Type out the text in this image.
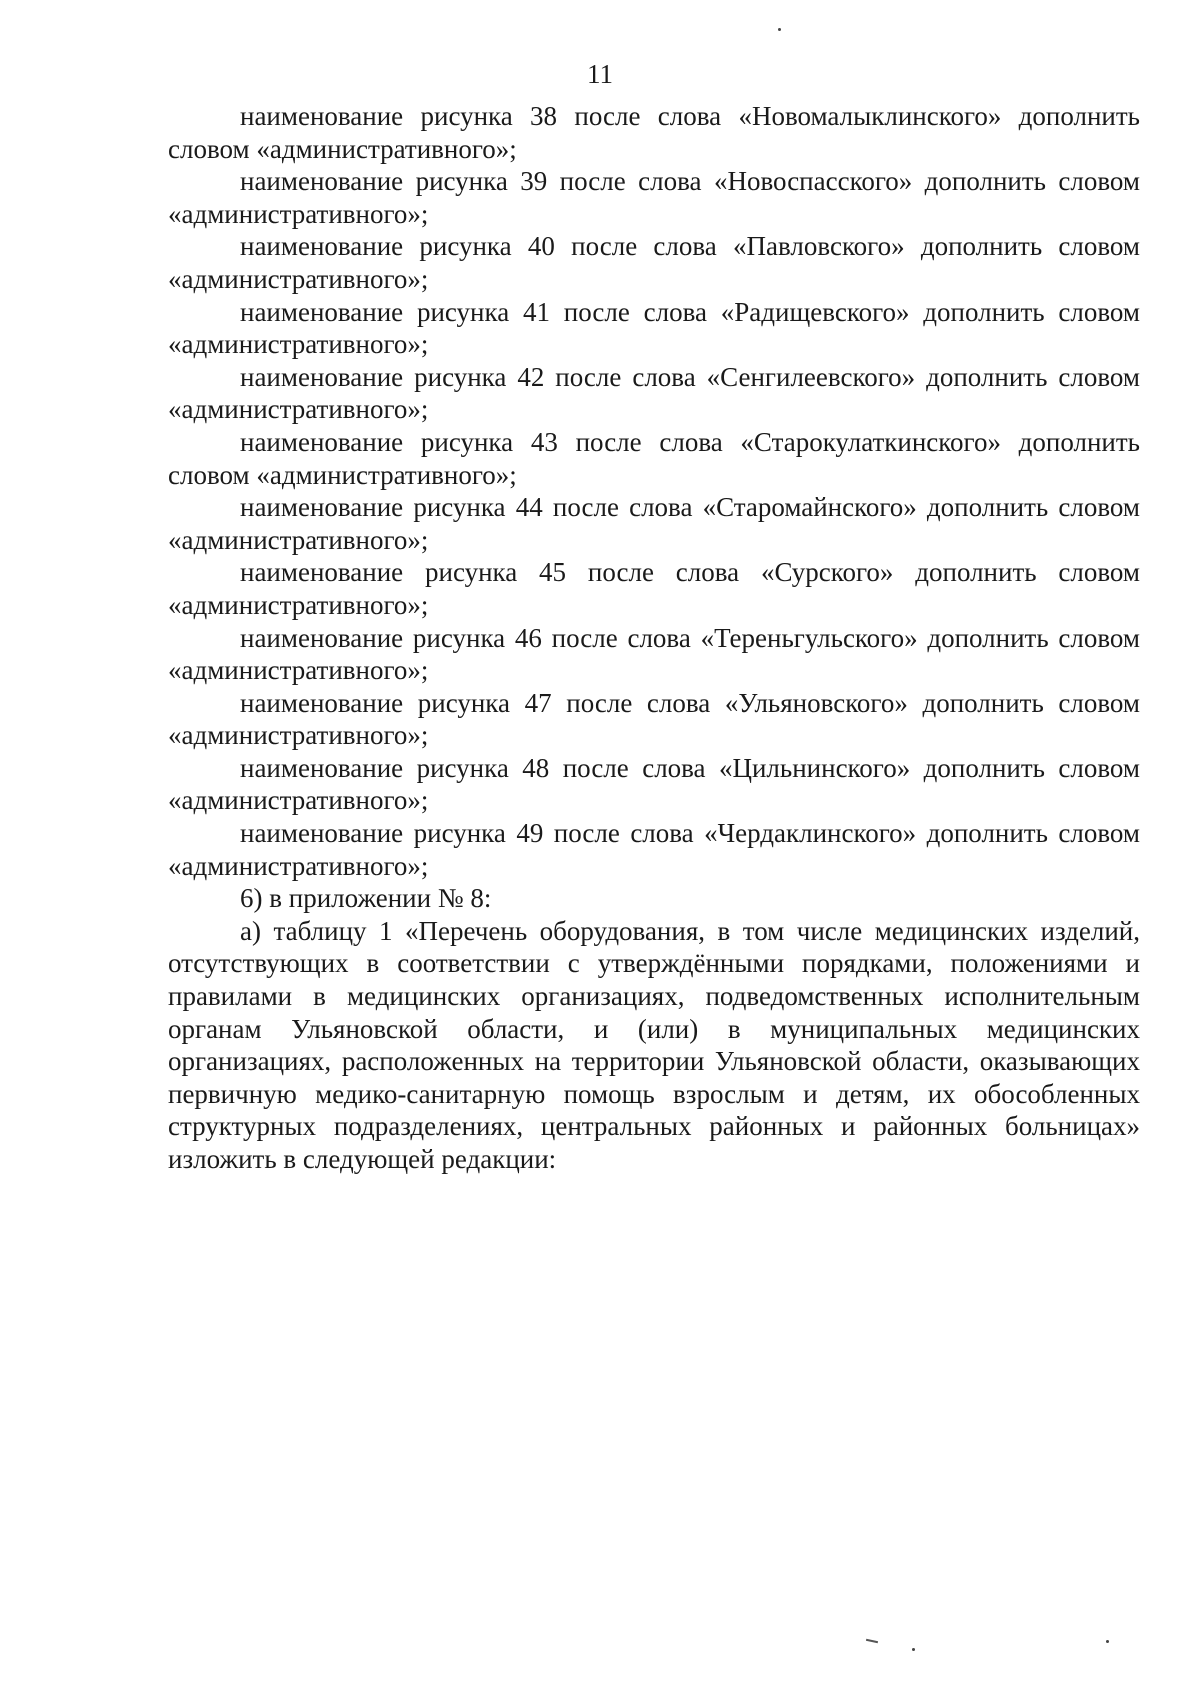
11

наименование рисунка 38 после слова «Новомалыклинского» дополнить словом «административного»;

наименование рисунка 39 после слова «Новоспасского» дополнить словом «административного»;

наименование рисунка 40 после слова «Павловского» дополнить словом «административного»;

наименование рисунка 41 после слова «Радищевского» дополнить словом «административного»;

наименование рисунка 42 после слова «Сенгилеевского» дополнить словом «административного»;

наименование рисунка 43 после слова «Старокулаткинского» дополнить словом «административного»;

наименование рисунка 44 после слова «Старомайнского» дополнить словом «административного»;

наименование рисунка 45 после слова «Сурского» дополнить словом «административного»;

наименование рисунка 46 после слова «Тереньгульского» дополнить словом «административного»;

наименование рисунка 47 после слова «Ульяновского» дополнить словом «административного»;

наименование рисунка 48 после слова «Цильнинского» дополнить словом «административного»;

наименование рисунка 49 после слова «Чердаклинского» дополнить словом «административного»;

6) в приложении № 8:

а) таблицу 1 «Перечень оборудования, в том числе медицинских изделий, отсутствующих в соответствии с утверждёнными порядками, положениями и правилами в медицинских организациях, подведомственных исполнительным органам Ульяновской области, и (или) в муниципальных медицинских организациях, расположенных на территории Ульяновской области, оказывающих первичную медико-санитарную помощь взрослым и детям, их обособленных структурных подразделениях, центральных районных и районных больницах» изложить в следующей редакции:
